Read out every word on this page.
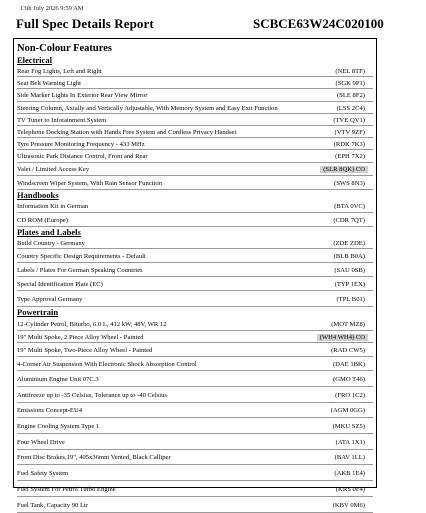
13th July 2026 9:59 AM
Full Spec Details Report	SCBCE63W24C020100
Non-Colour Features
Electrical
Rear Fog Lights, Left and Right	(NEL 8TF)
Seat Belt Warning Light	(SGK 9P1)
Side Marker Lights In Exterior Rear View Mirror	(SLE 8F2)
Steering Column, Axially and Vertically Adjustable, With Memory System and Easy Exit Function	(LSS 2C4)
TV Tuner to Infotainment System	(TVE QV1)
Telephone Docking Station with Hands Free System and Cordless Privacy Handset	(VTV 9ZF)
Tyre Pressure Monitoring Frequency - 433 MHz	(RDK 7K3)
Ultrasonic Park Distance Control, Front and Rear	(EPH 7X2)
Valet / Limited Access Key	(SLR 8QK) CO
Windscreen Wiper System, With Rain Sensor Function	(SWS 8N3)
Handbooks
Information Kit in German	(BTA 0VC)
CD ROM (Europe)	(CDR 7QT)
Plates and Labels
Build Country - Germany	(ZDE ZDE)
Country Specific Design Requirements - Default	(BLB B0A)
Labels / Plates For German Speaking Countries	(SAU 0SB)
Special Identification Plate (EC)	(TYP 1EX)
Type Approval Germany	(TPL B01)
Powertrain
12-Cylinder Petrol, Biturbo, 6.0 L, 412 kW, 48V, WR 12	(MOT MZ8)
19" Multi Spoke, 2 Piece Alloy Wheel - Painted	(WH4 WH4) CO
19" Multi Spoke, Two-Piece Alloy Wheel - Painted	(RAD CW5)
4-Corner Air Suspension With Electronic Shock Absorption Control	(DAE 1BK)
Aluminium Engine Unit 07C.3	(GMO T46)
Antifreeze up to -35 Celsius, Tolerance up to -40 Celsius	(FRO 1C2)
Emissions Concept-EU4	(AGM 0GG)
Engine Cooling System Type 1	(MKU SZ5)
Four Wheel Drive	(ATA 1X1)
Front Disc Brakes,19", 405x36mm Vented, Black Calliper	(BAV 1LL)
Fuel Safety System	(AKB 1E4)
Fuel System For Petrol Turbo Engine	(KRS 0F4)
Fuel Tank, Capacity 90 Ltr	(KBV 0M6)
